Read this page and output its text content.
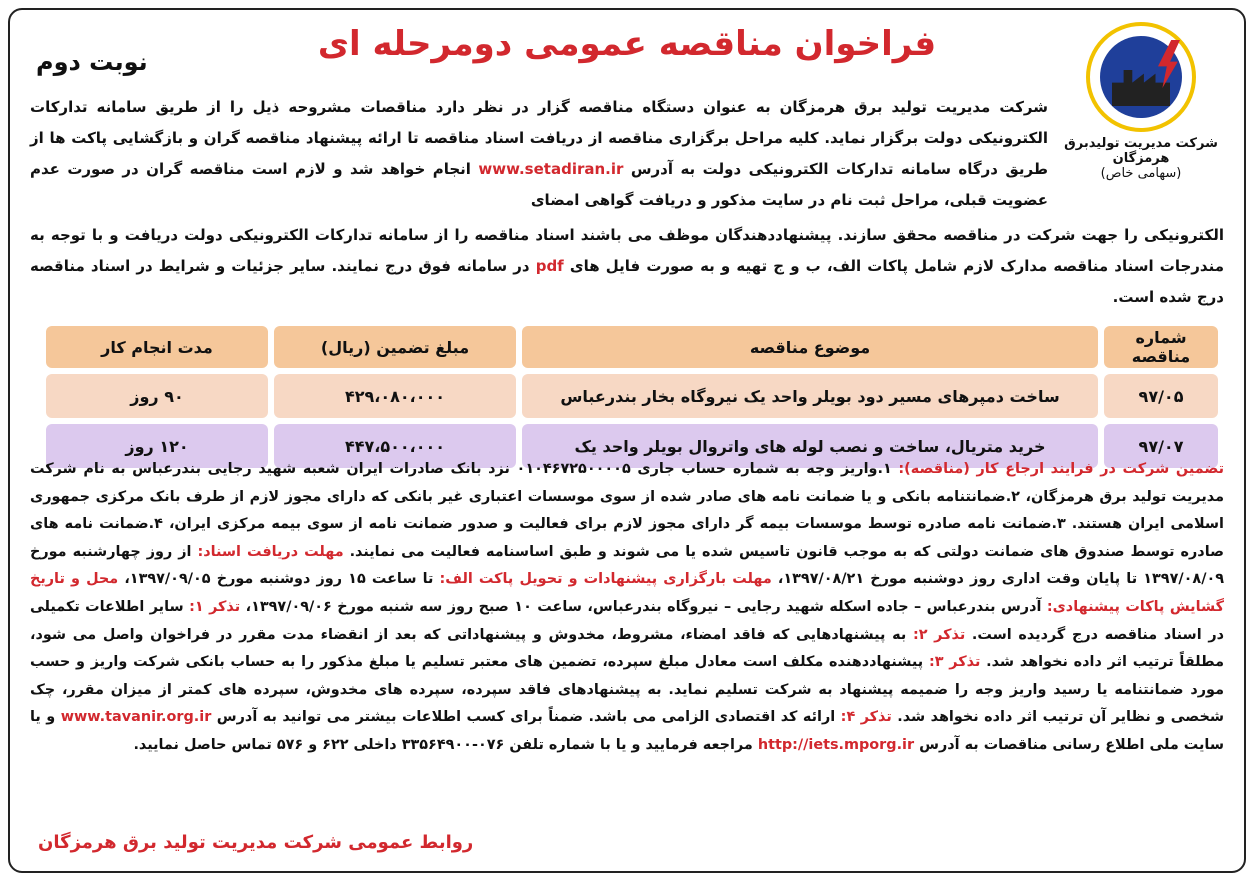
شرکت مدیریت تولیدبرق هرمزگان
(سهامی خاص)
فراخوان مناقصه عمومی دومرحله ای
نوبت دوم
شرکت مدیریت تولید برق هرمزگان به عنوان دستگاه مناقصه گزار در نظر دارد مناقصات مشروحه ذیل را از طریق سامانه تدارکات الکترونیکی دولت برگزار نماید. کلیه مراحل برگزاری مناقصه از دریافت اسناد مناقصه تا ارائه پیشنهاد مناقصه گران و بازگشایی پاکت ها از طریق درگاه سامانه تدارکات الکترونیکی دولت به آدرس www.setadiran.ir انجام خواهد شد و لازم است مناقصه گران در صورت عدم عضویت قبلی، مراحل ثبت نام در سایت مذکور و دریافت گواهی امضای
الکترونیکی را جهت شرکت در مناقصه محقق سازند. پیشنهاددهندگان موظف می باشند اسناد مناقصه را از سامانه تدارکات الکترونیکی دولت دریافت و با توجه به مندرجات اسناد مناقصه مدارک لازم شامل پاکات الف، ب و ج تهیه و به صورت فایل های pdf در سامانه فوق درج نمایند. سایر جزئیات و شرایط در اسناد مناقصه درج شده است.
شماره مناقصه	موضوع مناقصه	مبلغ تضمین (ریال)	مدت انجام کار
۹۷/۰۵	ساخت دمپرهای مسیر دود بویلر واحد یک نیروگاه بخار بندرعباس	۴۲۹،۰۸۰،۰۰۰	۹۰ روز
۹۷/۰۷	خرید متریال، ساخت و نصب لوله های واتروال بویلر واحد یک	۴۴۷،۵۰۰،۰۰۰	۱۲۰ روز
تضمین شرکت در فرایند ارجاع کار (مناقصه): ۱.واریز وجه به شماره حساب جاری ۰۱۰۴۶۷۲۵۰۰۰۰۵ نزد بانک صادرات ایران شعبه شهید رجایی بندرعباس به نام شرکت مدیریت تولید برق هرمزگان، ۲.ضمانتنامه بانکی و یا ضمانت نامه های صادر شده از سوی موسسات اعتباری غیر بانکی که دارای مجوز لازم از طرف بانک مرکزی جمهوری اسلامی ایران هستند. ۳.ضمانت نامه صادره توسط موسسات بیمه گر دارای مجوز لازم برای فعالیت و صدور ضمانت نامه از سوی بیمه مرکزی ایران، ۴.ضمانت نامه های صادره توسط صندوق های ضمانت دولتی که به موجب قانون تاسیس شده یا می شوند و طبق اساسنامه فعالیت می نمایند. مهلت دریافت اسناد: از روز چهارشنبه مورخ ۱۳۹۷/۰۸/۰۹ تا پایان وقت اداری روز دوشنبه مورخ ۱۳۹۷/۰۸/۲۱، مهلت بارگزاری پیشنهادات و تحویل پاکت الف: تا ساعت ۱۵ روز دوشنبه مورخ ۱۳۹۷/۰۹/۰۵، محل و تاریخ گشایش پاکات پیشنهادی: آدرس بندرعباس – جاده اسکله شهید رجایی – نیروگاه بندرعباس، ساعت ۱۰ صبح روز سه شنبه مورخ ۱۳۹۷/۰۹/۰۶، تذکر ۱: سایر اطلاعات تکمیلی در اسناد مناقصه درج گردیده است. تذکر ۲: به پیشنهادهایی که فاقد امضاء، مشروط، مخدوش و پیشنهاداتی که بعد از انقضاء مدت مقرر در فراخوان واصل می شود، مطلقاً ترتیب اثر داده نخواهد شد. تذکر ۳: پیشنهاددهنده مکلف است معادل مبلغ سپرده، تضمین های معتبر تسلیم یا مبلغ مذکور را به حساب بانکی شرکت واریز و حسب مورد ضمانتنامه یا رسید واریز وجه را ضمیمه پیشنهاد به شرکت تسلیم نماید. به پیشنهادهای فاقد سپرده، سپرده های مخدوش، سپرده های کمتر از میزان مقرر، چک شخصی و نظایر آن ترتیب اثر داده نخواهد شد. تذکر ۴: ارائه کد اقتصادی الزامی می باشد. ضمناً برای کسب اطلاعات بیشتر می توانید به آدرس www.tavanir.org.ir و یا سایت ملی اطلاع رسانی مناقصات به آدرس http://iets.mporg.ir مراجعه فرمایید و یا با شماره تلفن ۰۷۶-۳۳۵۶۴۹۰۰ داخلی ۶۲۲ و ۵۷۶ تماس حاصل نمایید.
روابط عمومی شرکت مدیریت تولید برق هرمزگان
